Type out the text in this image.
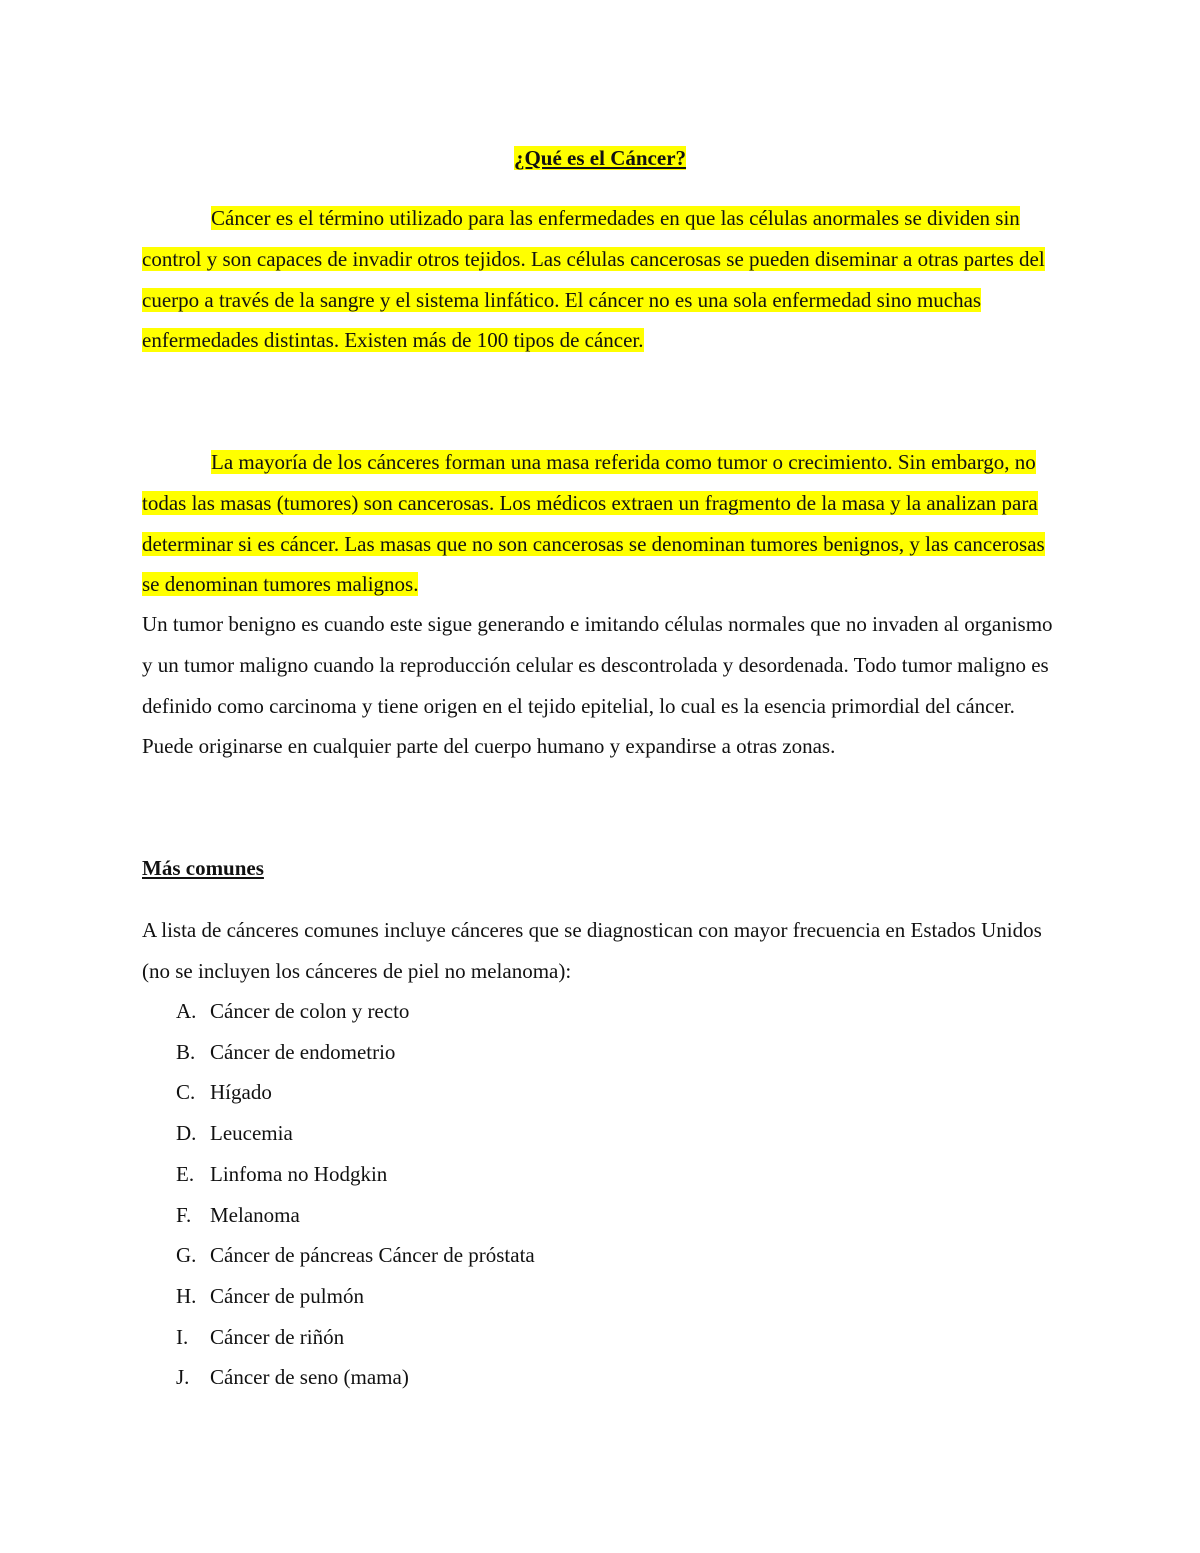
¿Qué es el Cáncer?

Cáncer es el término utilizado para las enfermedades en que las células anormales se dividen sin control y son capaces de invadir otros tejidos. Las células cancerosas se pueden diseminar a otras partes del cuerpo a través de la sangre y el sistema linfático. El cáncer no es una sola enfermedad sino muchas enfermedades distintas. Existen más de 100 tipos de cáncer.

La mayoría de los cánceres forman una masa referida como tumor o crecimiento. Sin embargo, no todas las masas (tumores) son cancerosas. Los médicos extraen un fragmento de la masa y la analizan para determinar si es cáncer. Las masas que no son cancerosas se denominan tumores benignos, y las cancerosas se denominan tumores malignos.

Un tumor benigno es cuando este sigue generando e imitando células normales que no invaden al organismo y un tumor maligno cuando la reproducción celular es descontrolada y desordenada. Todo tumor maligno es definido como carcinoma y tiene origen en el tejido epitelial, lo cual es la esencia primordial del cáncer. Puede originarse en cualquier parte del cuerpo humano y expandirse a otras zonas.

Más comunes

A lista de cánceres comunes incluye cánceres que se diagnostican con mayor frecuencia en Estados Unidos (no se incluyen los cánceres de piel no melanoma):

A. Cáncer de colon y recto
B. Cáncer de endometrio
C. Hígado
D. Leucemia
E. Linfoma no Hodgkin
F. Melanoma
G. Cáncer de páncreas Cáncer de próstata
H. Cáncer de pulmón
I.	Cáncer de riñón
J. Cáncer de seno (mama)
